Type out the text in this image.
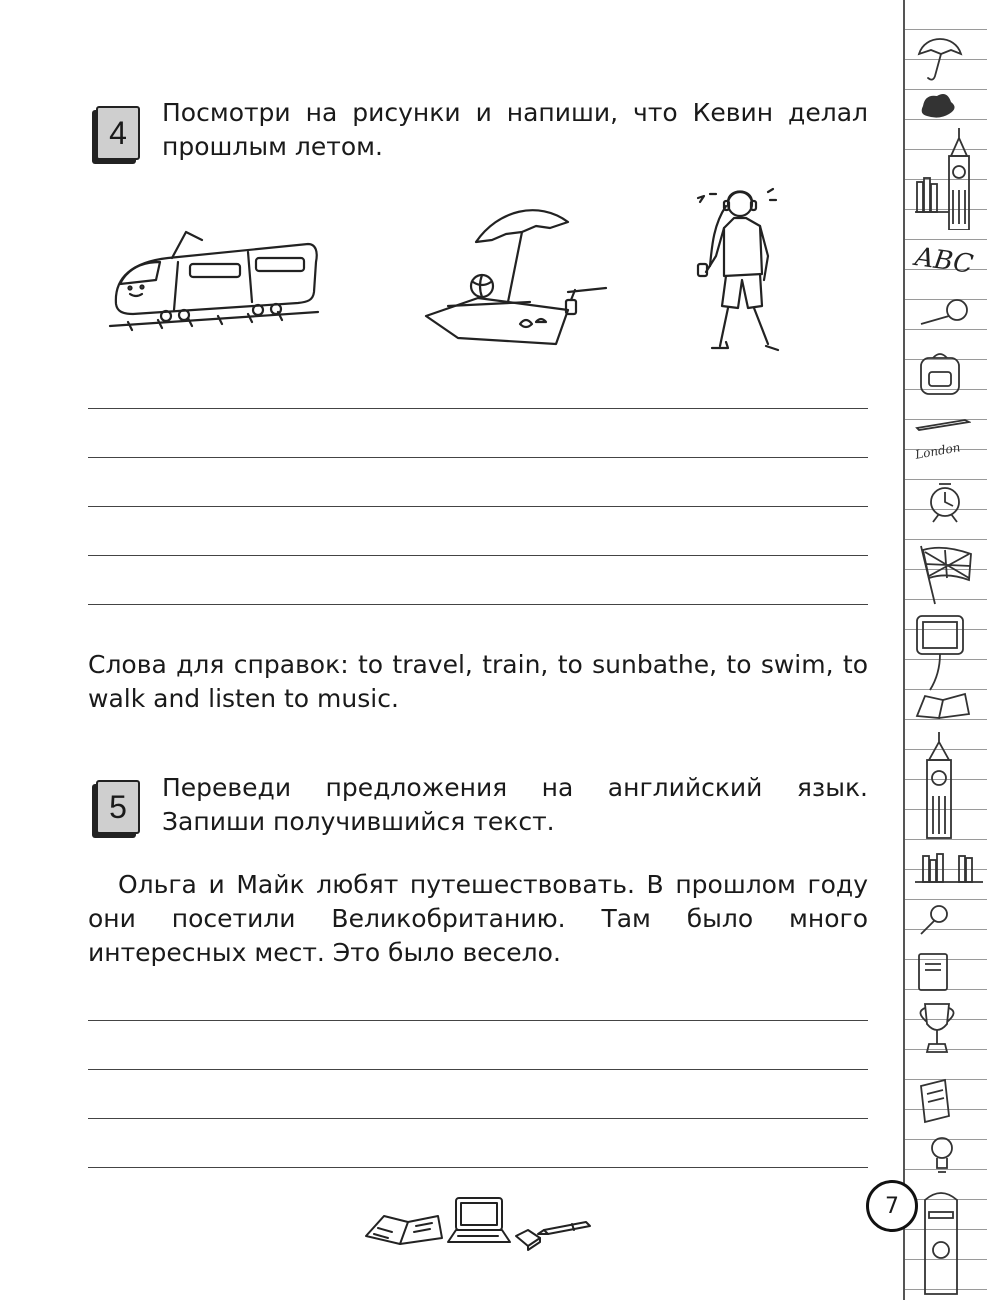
4
Посмотри на рисунки и напиши, что Кевин делал прошлым летом.
Слова для справок: to travel, train, to sunbathe, to swim, to walk and listen to music.
5
Переведи предложения на английский язык. Запиши получившийся текст.
Ольга и Майк любят путешествовать. В прошлом году они посетили Великобританию. Там было много интересных мест. Это было весело.
ABC
London
7
